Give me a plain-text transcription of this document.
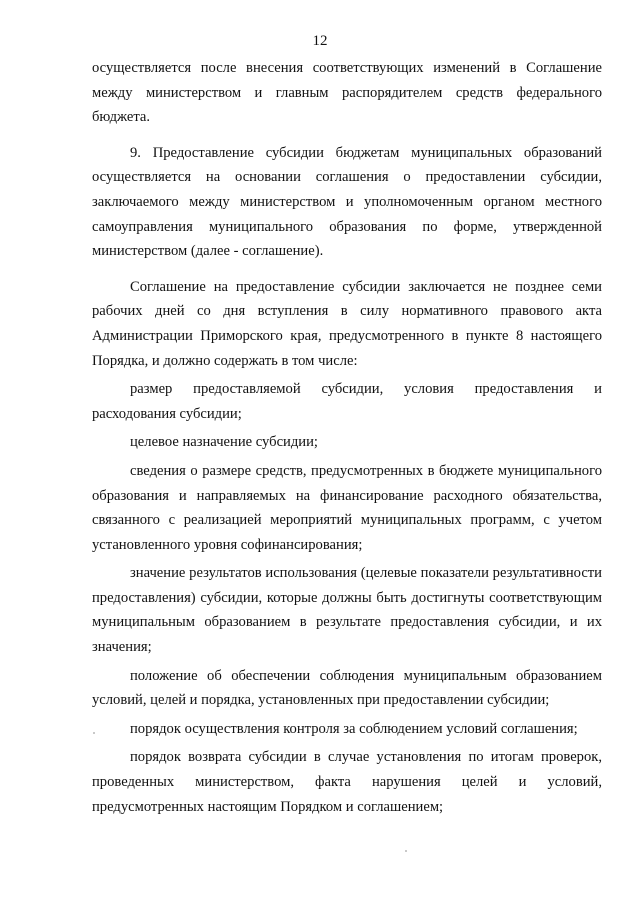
12

осуществляется после внесения соответствующих изменений в Соглашение между министерством и главным распорядителем средств федерального бюджета.

9. Предоставление субсидии бюджетам муниципальных образований осуществляется на основании соглашения о предоставлении субсидии, заключаемого между министерством и уполномоченным органом местного самоуправления муниципального образования по форме, утвержденной министерством (далее - соглашение).

Соглашение на предоставление субсидии заключается не позднее семи рабочих дней со дня вступления в силу нормативного правового акта Администрации Приморского края, предусмотренного в пункте 8 настоящего Порядка, и должно содержать в том числе:

размер предоставляемой субсидии, условия предоставления и расходования субсидии;

целевое назначение субсидии;

сведения о размере средств, предусмотренных в бюджете муниципального образования и направляемых на финансирование расходного обязательства, связанного с реализацией мероприятий муниципальных программ, с учетом установленного уровня софинансирования;

значение результатов использования (целевые показатели результативности предоставления) субсидии, которые должны быть достигнуты соответствующим муниципальным образованием в результате предоставления субсидии, и их значения;

положение об обеспечении соблюдения муниципальным образованием условий, целей и порядка, установленных при предоставлении субсидии;

порядок осуществления контроля за соблюдением условий соглашения;

порядок возврата субсидии в случае установления по итогам проверок, проведенных министерством, факта нарушения целей и условий, предусмотренных настоящим Порядком и соглашением;
